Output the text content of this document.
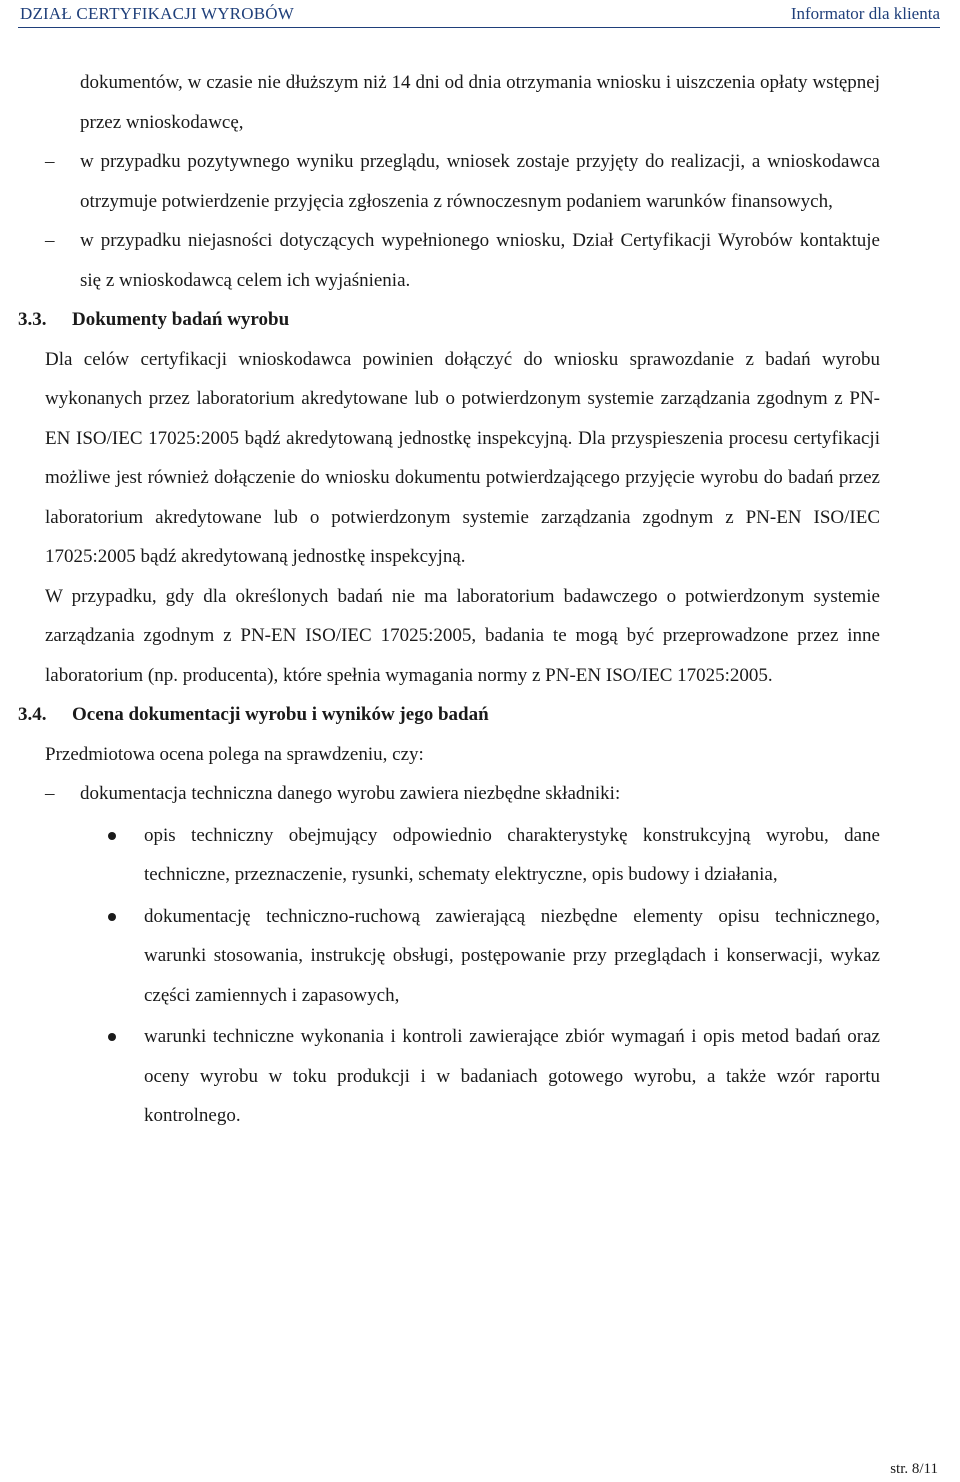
DZIAŁ CERTYFIKACJI WYROBÓW	Informator dla klienta
dokumentów, w czasie nie dłuższym niż 14 dni od dnia otrzymania wniosku i uiszczenia opłaty wstępnej przez wnioskodawcę,
–	w przypadku pozytywnego wyniku przeglądu, wniosek zostaje przyjęty do realizacji, a wnioskodawca otrzymuje potwierdzenie przyjęcia zgłoszenia z równoczesnym podaniem warunków finansowych,
–	w przypadku niejasności dotyczących wypełnionego wniosku, Dział Certyfikacji Wyrobów kontaktuje się z wnioskodawcą celem ich wyjaśnienia.
3.3. Dokumenty badań wyrobu
Dla celów certyfikacji wnioskodawca powinien dołączyć do wniosku sprawozdanie z badań wyrobu wykonanych przez laboratorium akredytowane lub o potwierdzonym systemie zarządzania zgodnym z PN-EN ISO/IEC 17025:2005 bądź akredytowaną jednostkę inspekcyjną. Dla przyspieszenia procesu certyfikacji możliwe jest również dołączenie do wniosku dokumentu potwierdzającego przyjęcie wyrobu do badań przez laboratorium akredytowane lub o potwierdzonym systemie zarządzania zgodnym z PN-EN ISO/IEC 17025:2005 bądź akredytowaną jednostkę inspekcyjną.
W przypadku, gdy dla określonych badań nie ma laboratorium badawczego o potwierdzonym systemie zarządzania zgodnym z PN-EN ISO/IEC 17025:2005, badania te mogą być przeprowadzone przez inne laboratorium (np. producenta), które spełnia wymagania normy z PN-EN ISO/IEC 17025:2005.
3.4. Ocena dokumentacji wyrobu i wyników jego badań
Przedmiotowa ocena polega na sprawdzeniu, czy:
–	dokumentacja techniczna danego wyrobu zawiera niezbędne składniki:
opis techniczny obejmujący odpowiednio charakterystykę konstrukcyjną wyrobu, dane techniczne, przeznaczenie, rysunki, schematy elektryczne, opis budowy i działania,
dokumentację techniczno-ruchową zawierającą niezbędne elementy opisu technicznego, warunki stosowania, instrukcję obsługi, postępowanie przy przeglądach i konserwacji, wykaz części zamiennych i zapasowych,
warunki techniczne wykonania i kontroli zawierające zbiór wymagań i opis metod badań oraz oceny wyrobu w toku produkcji i w badaniach gotowego wyrobu, a także wzór raportu kontrolnego.
str. 8/11
